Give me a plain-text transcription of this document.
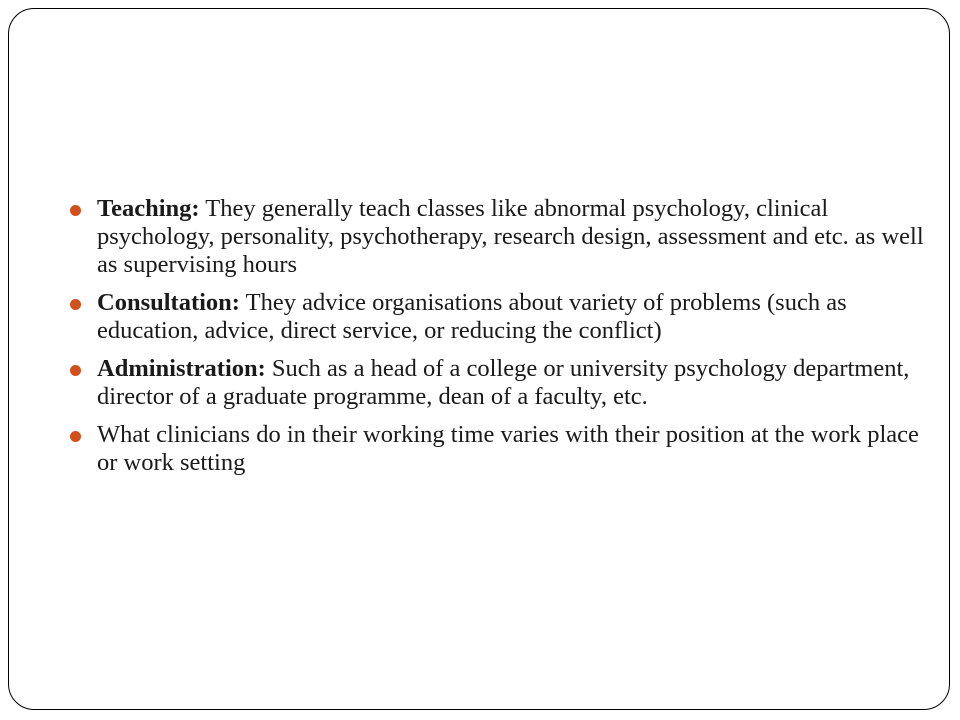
Teaching: They generally teach classes like abnormal psychology, clinical psychology, personality, psychotherapy, research design, assessment and etc. as well as supervising hours
Consultation: They advice organisations about variety of problems (such as education, advice, direct service, or reducing the conflict)
Administration: Such as a head of a college or university psychology department, director of a graduate programme, dean of a faculty, etc.
What clinicians do in their working time varies with their position at the work place or work setting
